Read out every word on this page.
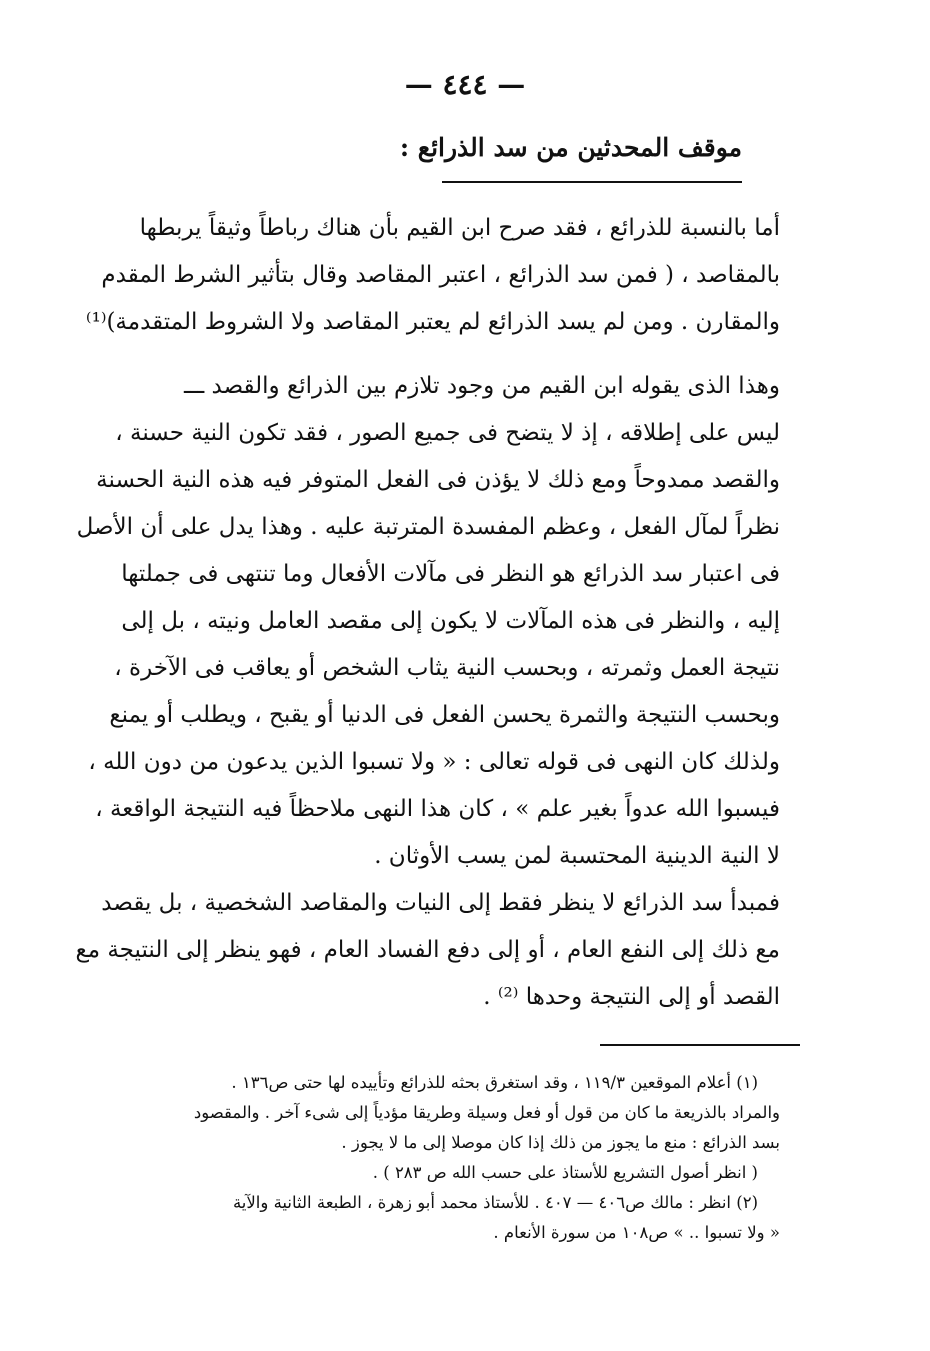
— ٤٤٤ —
موقف المحدثين من سد الذرائع :
أما بالنسبة للذرائع ، فقد صرح ابن القيم بأن هناك رباطاً وثيقاً يربطها
بالمقاصد ، ( فمن سد الذرائع ، اعتبر المقاصد وقال بتأثير الشرط المقدم
والمقارن . ومن لم يسد الذرائع لم يعتبر المقاصد ولا الشروط المتقدمة)⁽¹⁾
وهذا الذى يقوله ابن القيم من وجود تلازم بين الذرائع والقصد ـــ
ليس على إطلاقه ، إذ لا يتضح فى جميع الصور ، فقد تكون النية حسنة ،
والقصد ممدوحاً ومع ذلك لا يؤذن فى الفعل المتوفر فيه هذه النية الحسنة
نظراً لمآل الفعل ، وعظم المفسدة المترتبة عليه . وهذا يدل على أن الأصل
فى اعتبار سد الذرائع هو النظر فى مآلات الأفعال وما تنتهى فى جملتها
إليه ، والنظر فى هذه المآلات لا يكون إلى مقصد العامل ونيته ، بل إلى
نتيجة العمل وثمرته ، وبحسب النية يثاب الشخص أو يعاقب فى الآخرة ،
وبحسب النتيجة والثمرة يحسن الفعل فى الدنيا أو يقبح ، ويطلب أو يمنع
ولذلك كان النهى فى قوله تعالى : « ولا تسبوا الذين يدعون من دون الله ،
فيسبوا الله عدواً بغير علم » ، كان هذا النهى ملاحظاً فيه النتيجة الواقعة ،
لا النية الدينية المحتسبة لمن يسب الأوثان .
فمبدأ سد الذرائع لا ينظر فقط إلى النيات والمقاصد الشخصية ، بل يقصد
مع ذلك إلى النفع العام ، أو إلى دفع الفساد العام ، فهو ينظر إلى النتيجة مع
القصد أو إلى النتيجة وحدها ⁽²⁾ .
(١) أعلام الموقعين ١١٩/٣ ، وقد استغرق بحثه للذرائع وتأييده لها حتى ص١٣٦ .
والمراد بالذريعة ما كان من قول أو فعل وسيلة وطريقا مؤدياً إلى شىء آخر . والمقصود
بسد الذرائع : منع ما يجوز من ذلك إذا كان موصلا إلى ما لا يجوز .
( انظر أصول التشريع للأستاذ على حسب الله ص ٢٨٣ ) .
(٢) انظر : مالك ص٤٠٦ — ٤٠٧ . للأستاذ محمد أبو زهرة ، الطبعة الثانية والآية
« ولا تسبوا .. » ص١٠٨ من سورة الأنعام .
